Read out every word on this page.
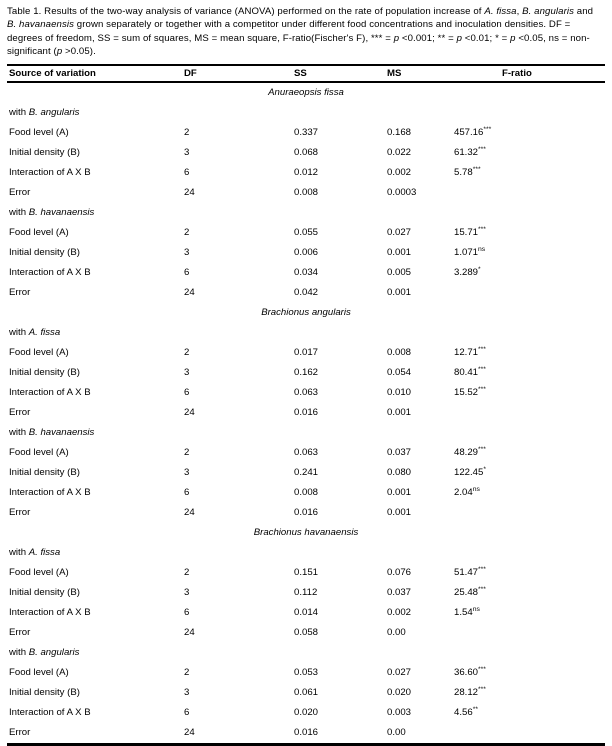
Table 1. Results of the two-way analysis of variance (ANOVA) performed on the rate of population increase of A. fissa, B. angularis and B. havanaensis grown separately or together with a competitor under different food concentrations and inoculation densities. DF = degrees of freedom, SS = sum of squares, MS = mean square, F-ratio(Fischer's F), *** = p <0.001; ** = p <0.01; * = p <0.05, ns = non-significant (p >0.05).

Source of variation	DF	SS	MS	F-ratio
Anuraeopsis fissa
with B. angularis
Food level (A)	2	0.337	0.168	457.16***
Initial density (B)	3	0.068	0.022	61.32***
Interaction of A X B	6	0.012	0.002	5.78***
Error	24	0.008	0.0003
with B. havanaensis
Food level (A)	2	0.055	0.027	15.71***
Initial density (B)	3	0.006	0.001	$1.071^{ns}$
Interaction of A X B	6	0.034	0.005	3.289*
Error	24	0.042	0.001
Brachionus angularis
with A. fissa
Food level (A)	2	0.017	0.008	12.71***
Initial density (B)	3	0.162	0.054	80.41***
Interaction of A X B	6	0.063	0.010	15.52***
Error	24	0.016	0.001
with B. havanaensis
Food level (A)	2	0.063	0.037	48.29***
Initial density (B)	3	0.241	0.080	122.45*
Interaction of A X B	6	0.008	0.001	$2.04^{ns}$
Error	24	0.016	0.001
Brachionus havanaensis
with A. fissa
Food level (A)	2	0.151	0.076	51.47***
Initial density (B)	3	0.112	0.037	25.48***
Interaction of A X B	6	0.014	0.002	$1.54^{ns}$
Error	24	0.058	0.00
with B. angularis
Food level (A)	2	0.053	0.027	36.60***
Initial density (B)	3	0.061	0.020	28.12***
Interaction of A X B	6	0.020	0.003	4.56**
Error	24	0.016	0.00
